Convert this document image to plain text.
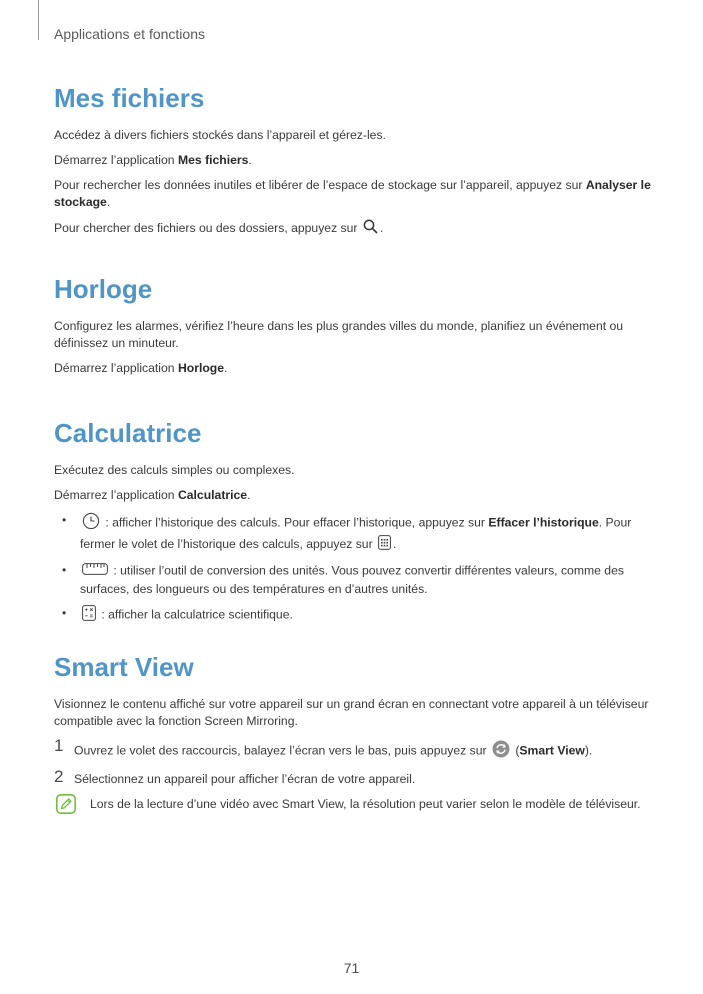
Applications et fonctions
Mes fichiers

Accédez à divers fichiers stockés dans l’appareil et gérez-les.

Démarrez l’application Mes fichiers.

Pour rechercher les données inutiles et libérer de l’espace de stockage sur l’appareil, appuyez sur Analyser le stockage.

Pour chercher des fichiers ou des dossiers, appuyez sur .

Horloge

Configurez les alarmes, vérifiez l’heure dans les plus grandes villes du monde, planifiez un événement ou définissez un minuteur.

Démarrez l’application Horloge.

Calculatrice

Exécutez des calculs simples ou complexes.

Démarrez l’application Calculatrice.

•	: afficher l’historique des calculs. Pour effacer l’historique, appuyez sur Effacer l’historique. Pour fermer le volet de l’historique des calculs, appuyez sur .
•	: utiliser l’outil de conversion des unités. Vous pouvez convertir différentes valeurs, comme des surfaces, des longueurs ou des températures en d’autres unités.
•	: afficher la calculatrice scientifique.
Smart View

Visionnez le contenu affiché sur votre appareil sur un grand écran en connectant votre appareil à un téléviseur compatible avec la fonction Screen Mirroring.

1 Ouvrez le volet des raccourcis, balayez l’écran vers le bas, puis appuyez sur  (Smart View).
2 Sélectionnez un appareil pour afficher l’écran de votre appareil.
Lors de la lecture d’une vidéo avec Smart View, la résolution peut varier selon le modèle de téléviseur.
71
